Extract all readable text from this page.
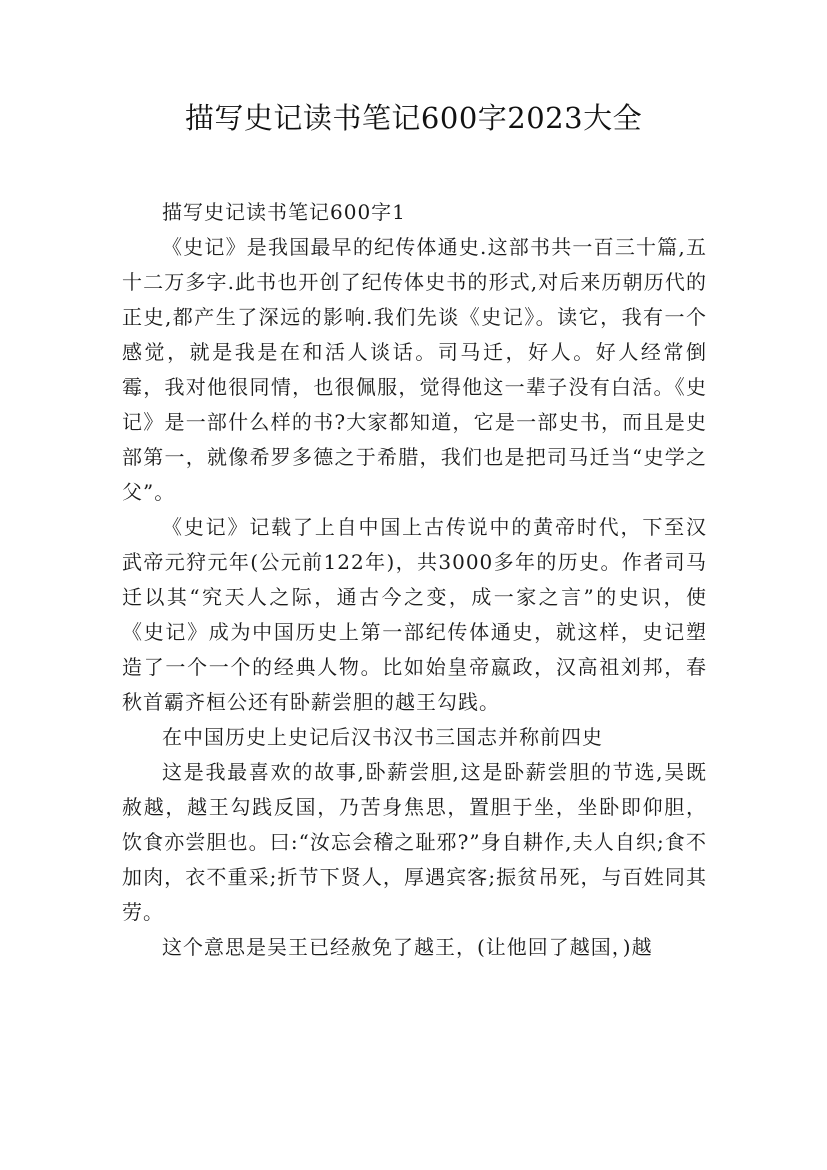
描写史记读书笔记600字2023大全

描写史记读书笔记600字1

《史记》是我国最早的纪传体通史.这部书共一百三十篇,五十二万多字.此书也开创了纪传体史书的形式,对后来历朝历代的正史,都产生了深远的影响.我们先谈《史记》。读它，我有一个感觉，就是我是在和活人谈话。司马迁，好人。好人经常倒霉，我对他很同情，也很佩服，觉得他这一辈子没有白活。《史记》是一部什么样的书?大家都知道，它是一部史书，而且是史部第一，就像希罗多德之于希腊，我们也是把司马迁当“史学之父”。

《史记》记载了上自中国上古传说中的黄帝时代，下至汉武帝元狩元年(公元前122年)，共3000多年的历史。作者司马迁以其“究天人之际，通古今之变，成一家之言”的史识，使《史记》成为中国历史上第一部纪传体通史，就这样，史记塑造了一个一个的经典人物。比如始皇帝嬴政，汉高祖刘邦，春秋首霸齐桓公还有卧薪尝胆的越王勾践。

在中国历史上史记后汉书汉书三国志并称前四史

这是我最喜欢的故事,卧薪尝胆,这是卧薪尝胆的节选,吴既赦越，越王勾践反国，乃苦身焦思，置胆于坐，坐卧即仰胆，饮食亦尝胆也。曰:“汝忘会稽之耻邪?”身自耕作,夫人自织;食不加肉，衣不重采;折节下贤人，厚遇宾客;振贫吊死，与百姓同其劳。

这个意思是吴王已经赦免了越王，(让他回了越国，)越
